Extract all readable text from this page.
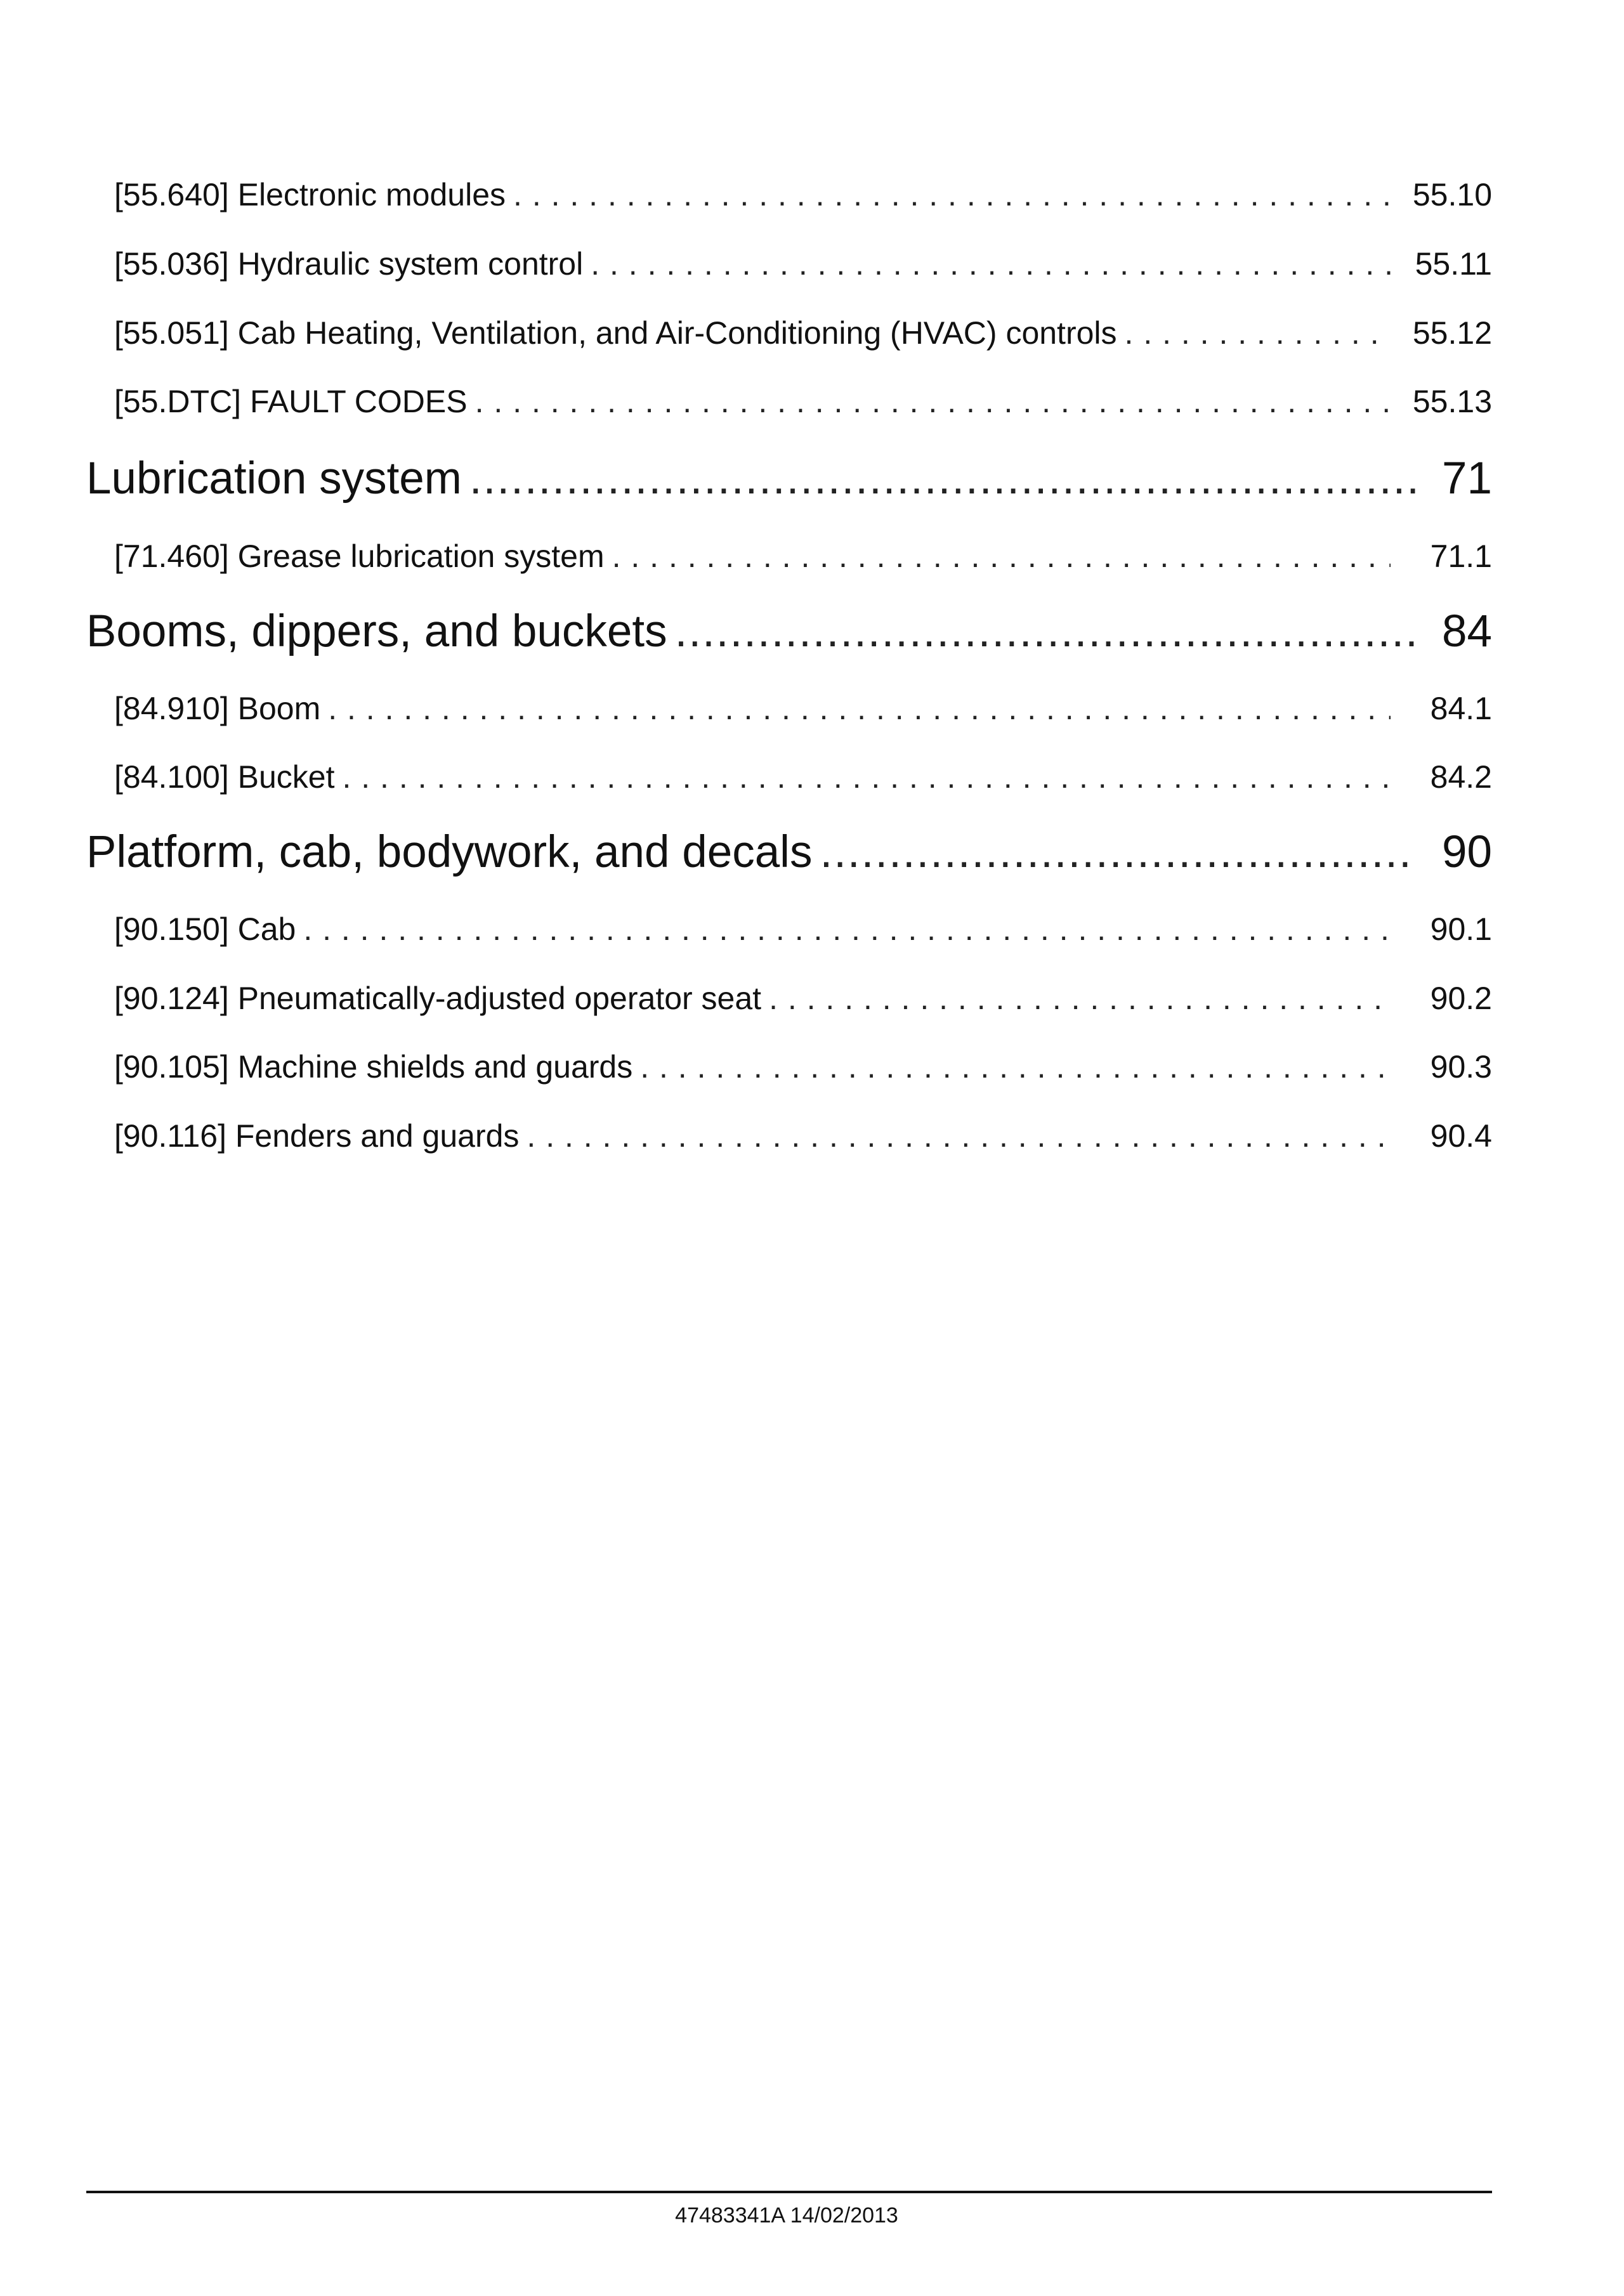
[55.640] Electronic modules . . .	55.10
[55.036] Hydraulic system control . . .	55.11
[55.051] Cab Heating, Ventilation, and Air-Conditioning (HVAC) controls . . .	55.12
[55.DTC] FAULT CODES . . .	55.13
Lubrication system .....	71
[71.460] Grease lubrication system . . .	71.1
Booms, dippers, and buckets .....	84
[84.910] Boom . . .	84.1
[84.100] Bucket . . .	84.2
Platform, cab, bodywork, and decals .....	90
[90.150] Cab . . .	90.1
[90.124] Pneumatically-adjusted operator seat . . .	90.2
[90.105] Machine shields and guards . . .	90.3
[90.116] Fenders and guards . . .	90.4
47483341A 14/02/2013
